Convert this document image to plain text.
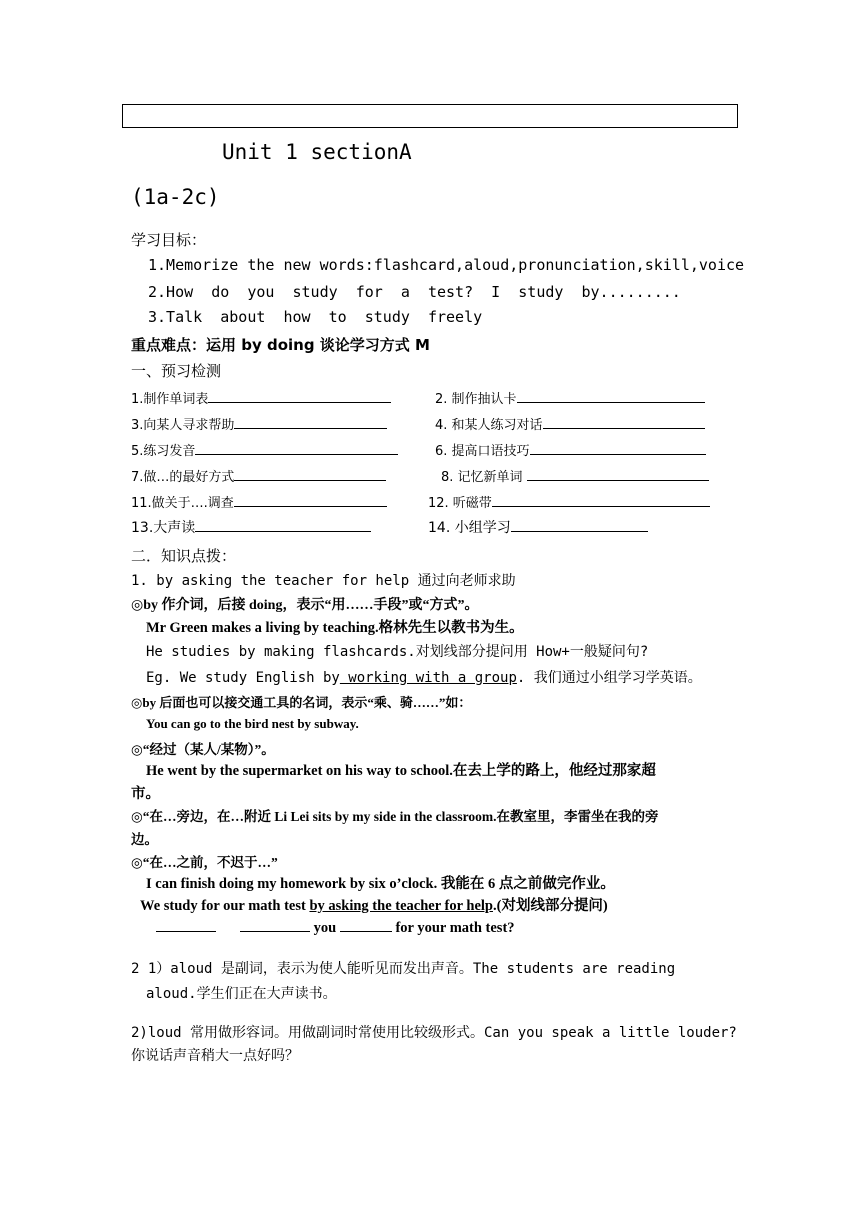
Unit 1 sectionA
(1a-2c)
学习目标：
1.Memorize the new words:flashcard,aloud,pronunciation,skill,voice
2.How  do  you  study  for  a  test?  I  study  by.........
3.Talk  about  how  to  study  freely
重点难点：运用 by doing 谈论学习方式 M
一、预习检测
1.制作单词表	2. 制作抽认卡
3.向某人寻求帮助	4. 和某人练习对话
5.练习发音	6. 提高口语技巧
7.做…的最好方式	8. 记忆新单词
11.做关于….调查	12. 听磁带
13.大声读	14. 小组学习
二．知识点拨：
1. by asking the teacher for help 通过向老师求助
◎by 作介词，后接 doing，表示“用……手段”或“方式”。
Mr Green makes a living by teaching.格林先生以教书为生。
He studies by making flashcards.对划线部分提问用 How+一般疑问句?
Eg. We study English by working with a group. 我们通过小组学习学英语。
◎by 后面也可以接交通工具的名词，表示“乘、骑……”如：
You can go to the bird nest by subway.
◎“经过（某人/某物）”。
He went by the supermarket on his way to school.在去上学的路上，他经过那家超
市。
◎“在…旁边，在…附近 Li Lei sits by my side in the classroom.在教室里，李雷坐在我的旁
边。
◎“在…之前，不迟于…”
I can finish doing my homework by six o’clock. 我能在 6 点之前做完作业。
We study for our math test by asking the teacher for help.(对划线部分提问)
you	for your math test?
2 1）aloud 是副词，表示为使人能听见而发出声音。The students are reading
aloud.学生们正在大声读书。
2)loud 常用做形容词。用做副词时常使用比较级形式。Can you speak a little louder?
你说话声音稍大一点好吗？
